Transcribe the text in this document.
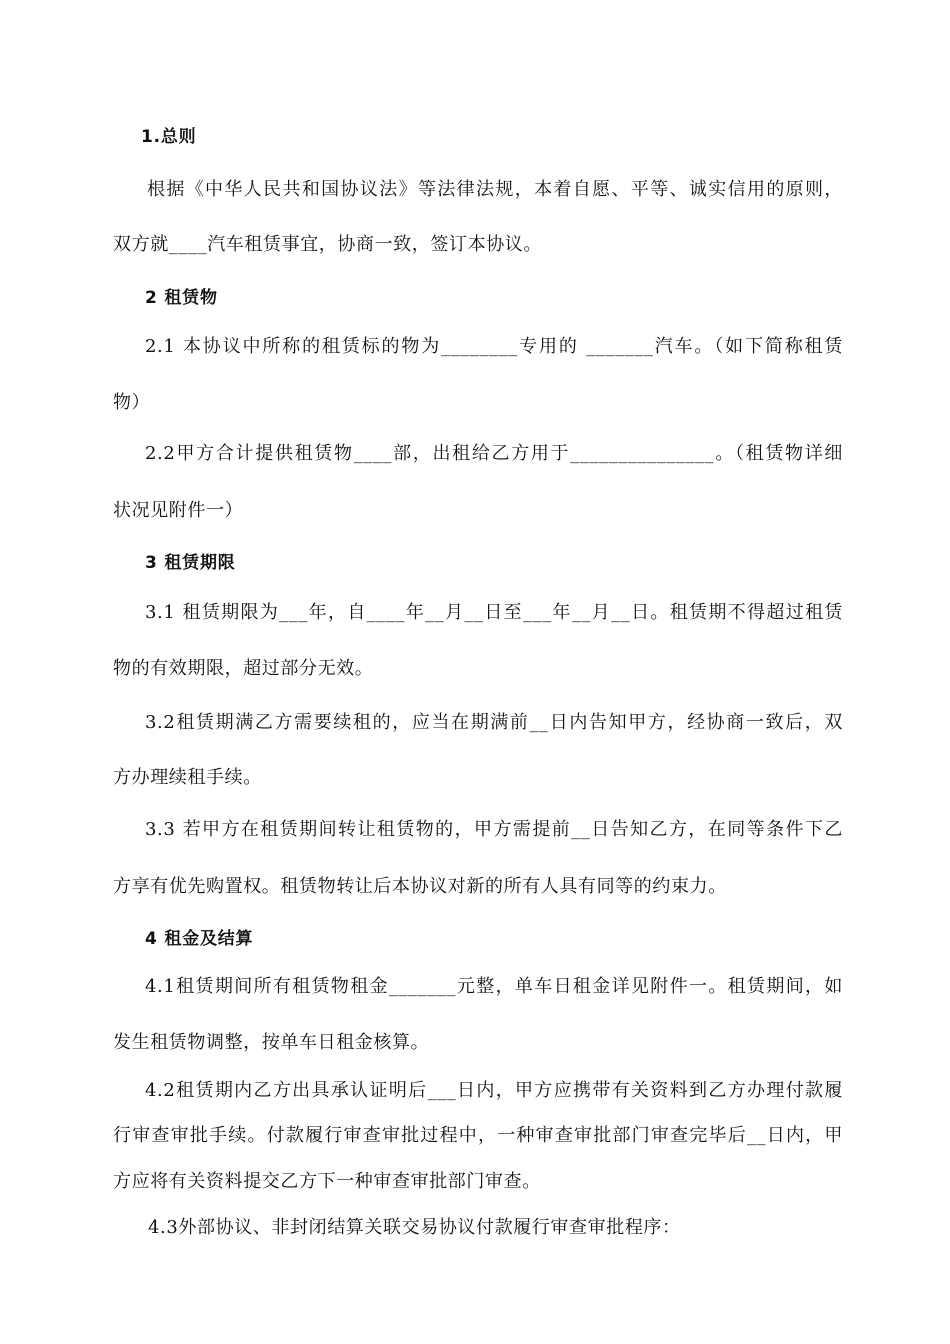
1.总则
根据《中华人民共和国协议法》等法律法规，本着自愿、平等、诚实信用的原则，
双方就____汽车租赁事宜，协商一致，签订本协议。
2 租赁物
2.1 本协议中所称的租赁标的物为________专用的 _______汽车。（如下简称租赁
物）
2.2甲方合计提供租赁物____部，出租给乙方用于_______________。（租赁物详细
状况见附件一）
3 租赁期限
3.1 租赁期限为___年，自____年__月__日至___年__月__日。租赁期不得超过租赁
物的有效期限，超过部分无效。
3.2租赁期满乙方需要续租的，应当在期满前__日内告知甲方，经协商一致后，双
方办理续租手续。
3.3 若甲方在租赁期间转让租赁物的，甲方需提前__日告知乙方，在同等条件下乙
方享有优先购置权。租赁物转让后本协议对新的所有人具有同等的约束力。
4 租金及结算
4.1租赁期间所有租赁物租金_______元整，单车日租金详见附件一。租赁期间，如
发生租赁物调整，按单车日租金核算。
4.2租赁期内乙方出具承认证明后___日内，甲方应携带有关资料到乙方办理付款履
行审查审批手续。付款履行审查审批过程中，一种审查审批部门审查完毕后__日内，甲
方应将有关资料提交乙方下一种审查审批部门审查。
4.3外部协议、非封闭结算关联交易协议付款履行审查审批程序：
